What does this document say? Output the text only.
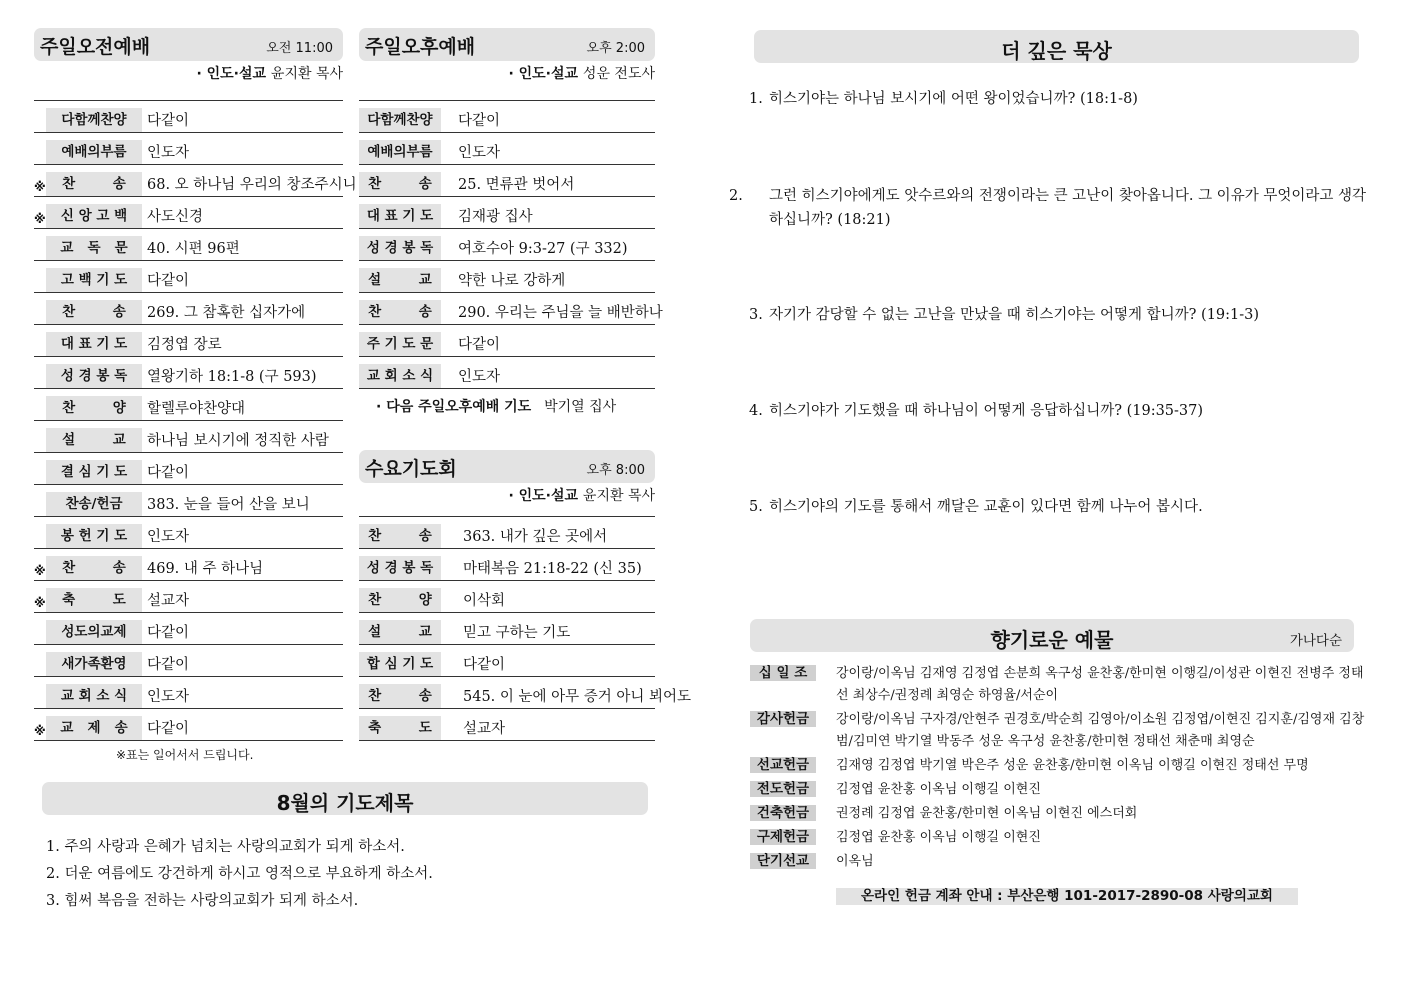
주일오전예배	오전 11:00
· 인도·설교 윤지환 목사
다함께찬양	다같이
예배의부름	인도자
※	찬        송	68. 오 하나님 우리의 창조주시니
※	신 앙 고 백	사도신경
교   독   문	40. 시편 96편
고 백 기 도	다같이
찬        송	269. 그 참혹한 십자가에
대 표 기 도	김정엽 장로
성 경 봉 독	열왕기하 18:1-8 (구 593)
찬        양	할렐루야찬양대
설        교	하나님 보시기에 정직한 사람
결 심 기 도	다같이
찬송/헌금	383. 눈을 들어 산을 보니
봉 헌 기 도	인도자
※	찬        송	469. 내 주 하나님
※	축        도	설교자
성도의교제	다같이
새가족환영	다같이
교 회 소 식	인도자
※	교   제   송	다같이
※표는 일어서서 드립니다.
주일오후예배	오후 2:00
· 인도·설교 성운 전도사
다함께찬양	다같이
예배의부름	인도자
찬        송	25. 면류관 벗어서
대 표 기 도	김재광 집사
성 경 봉 독	여호수아 9:3-27 (구 332)
설        교	약한 나로 강하게
찬        송	290. 우리는 주님을 늘 배반하나
주 기 도 문	다같이
교 회 소 식	인도자
· 다음 주일오후예배 기도 박기열 집사
수요기도회	오후 8:00
· 인도·설교 윤지환 목사
찬        송	363. 내가 깊은 곳에서
성 경 봉 독	마태복음 21:18-22 (신 35)
찬        양	이삭회
설        교	믿고 구하는 기도
합 심 기 도	다같이
찬        송	545. 이 눈에 아무 증거 아니 뵈어도
축        도	설교자
8월의 기도제목
1. 주의 사랑과 은혜가 넘치는 사랑의교회가 되게 하소서.
2. 더운 여름에도 강건하게 하시고 영적으로 부요하게 하소서.
3. 힘써 복음을 전하는 사랑의교회가 되게 하소서.
더 깊은 묵상
1. 히스기야는 하나님 보시기에 어떤 왕이었습니까? (18:1-8)
2. 그런 히스기야에게도 앗수르와의 전쟁이라는 큰 고난이 찾아옵니다. 그 이유가 무엇이라고 생각하십니까? (18:21)
3. 자기가 감당할 수 없는 고난을 만났을 때 히스기야는 어떻게 합니까? (19:1-3)
4. 히스기야가 기도했을 때 하나님이 어떻게 응답하십니까? (19:35-37)
5. 히스기야의 기도를 통해서 깨달은 교훈이 있다면 함께 나누어 봅시다.
향기로운 예물	가나다순
십 일 조	강이랑/이옥님 김재영 김정엽 손분희 옥구성 윤찬홍/한미현 이행길/이성관 이현진 전병주 정태선 최상수/권정례 최영순 하영율/서순이
감사헌금	강이랑/이옥님 구자경/안현주 권경호/박순희 김영아/이소원 김정엽/이현진 김지훈/김영재 김창범/김미연 박기열 박동주 성운 옥구성 윤찬홍/한미현 정태선 채춘매 최영순
선교헌금	김재영 김정엽 박기열 박은주 성운 윤찬홍/한미현 이옥님 이행길 이현진 정태선 무명
전도헌금	김정엽 윤찬홍 이옥님 이행길 이현진
건축헌금	권정례 김정엽 윤찬홍/한미현 이옥님 이현진 에스더회
구제헌금	김정엽 윤찬홍 이옥님 이행길 이현진
단기선교	이옥님
온라인 헌금 계좌 안내 : 부산은행 101-2017-2890-08 사랑의교회
